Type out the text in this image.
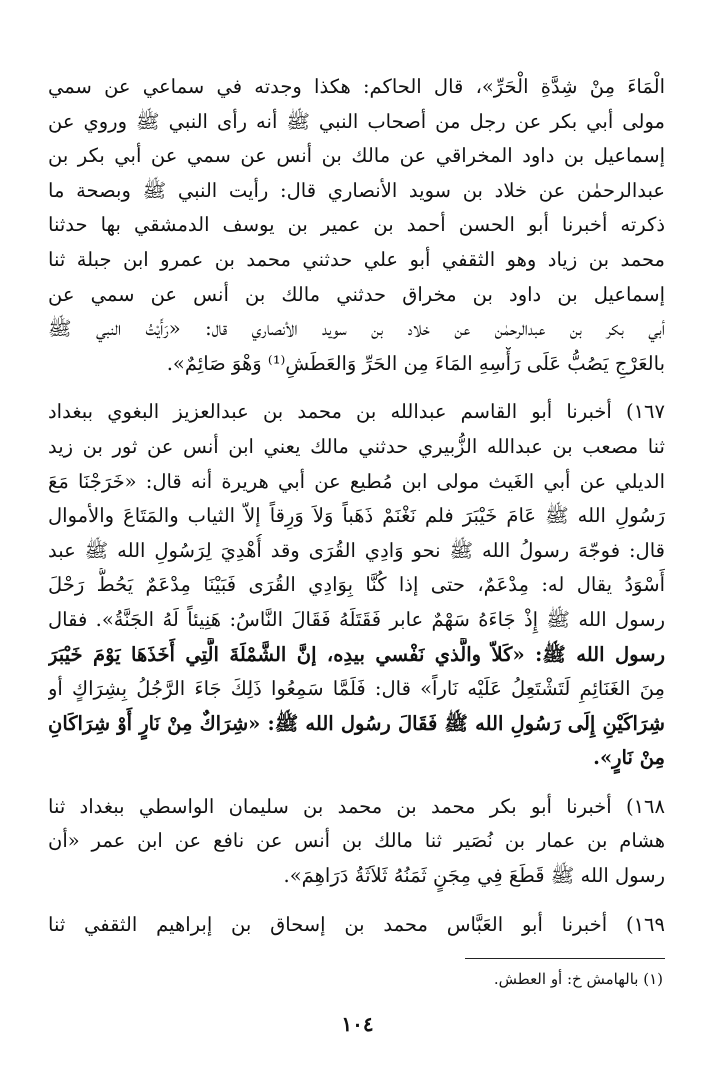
الْمَاءَ مِنْ شِدَّةِ الْحَرِّ»، قال الحاكم: هكذا وجدته في سماعي عن سمي
مولى أبي بكر عن رجل من أصحاب النبي ﷺ أنه رأى النبي ﷺ وروي عن
إسماعيل بن داود المخراقي عن مالك بن أنس عن سمي عن أبي بكر بن
عبدالرحمٰن عن خلاد بن سويد الأنصاري قال: رأيت النبي ﷺ وبصحة ما
ذكرته أخبرنا أبو الحسن أحمد بن عمير بن يوسف الدمشقي بها حدثنا
محمد بن زياد وهو الثقفي أبو علي حدثني محمد بن عمرو ابن جبلة ثنا
إسماعيل بن داود بن مخراق حدثني مالك بن أنس عن سمي عن
أبي بكر بن عبدالرحمٰن عن خلاد بن سويد الأنصاري قال: «رَأَيْتُ النبي ﷺ
بالعَرْجِ يَصُبُّ عَلَى رَأْسِهِ المَاءَ مِن الحَرِّ وَالعَطَشِ⁽¹⁾ وَهْوَ صَائِمٌ».
١٦٧) أخبرنا أبو القاسم عبدالله بن محمد بن عبدالعزيز البغوي ببغداد
ثنا مصعب بن عبدالله الزُّبيري حدثني مالك يعني ابن أنس عن ثور بن زيد
الديلي عن أبي الغَيث مولى ابن مُطيع عن أبي هريرة أنه قال: «خَرَجْنَا مَعَ
رَسُولِ الله ﷺ عَامَ خَيْبَرَ فلم نَغْنَمْ ذَهَباً وَلاَ وَرِقاً إلاّ الثياب والمَتَاعَ والأموال
قال: فوجّهَ رسولُ الله ﷺ نحو وَادِي القُرَى وقد أُهْدِيَ لِرَسُولِ الله ﷺ عبد
أَسْوَدُ يقال له: مِدْعَمٌ، حتى إذا كُنَّا بِوَادِي القُرَى فَبَيْنَا مِدْعَمٌ يَحُطُّ رَحْلَ
رسول الله ﷺ إِذْ جَاءَهُ سَهْمٌ عابر فَقَتَلَهُ فَقَالَ النَّاسُ: هَنِيئاً لَهُ الجَنَّةُ». فقال
رسول الله ﷺ: «كَلاّ والَّذي نَفْسي بيدِه، إنَّ الشَّمْلَةَ الَّتِي أَخَذَهَا يَوْمَ خَيْبَرَ
مِنَ الغَنَائِمِ لَتَشْتَعِلُ عَلَيْه نَاراً» قال: فَلَمَّا سَمِعُوا ذَلِكَ جَاءَ الرَّجُلُ بِشِرَاكٍ أو
شِرَاكَيْنِ إِلَى رَسُولِ الله ﷺ فَقَالَ رسُول الله ﷺ: «شِرَاكٌ مِنْ نَارٍ أَوْ شِرَاكَانِ
مِنْ نَارٍ».
١٦٨) أخبرنا أبو بكر محمد بن محمد بن سليمان الواسطي ببغداد ثنا
هشام بن عمار بن نُصَير ثنا مالك بن أنس عن نافع عن ابن عمر «أن
رسول الله ﷺ قَطَعَ فِي مِجَنٍ ثَمَنُهُ ثَلاَثَةُ دَرَاهِمَ».
١٦٩) أخبرنا أبو العَبَّاس محمد بن إسحاق بن إبراهيم الثقفي ثنا
(١) بالهامش خ: أو العطش.
١٠٤
